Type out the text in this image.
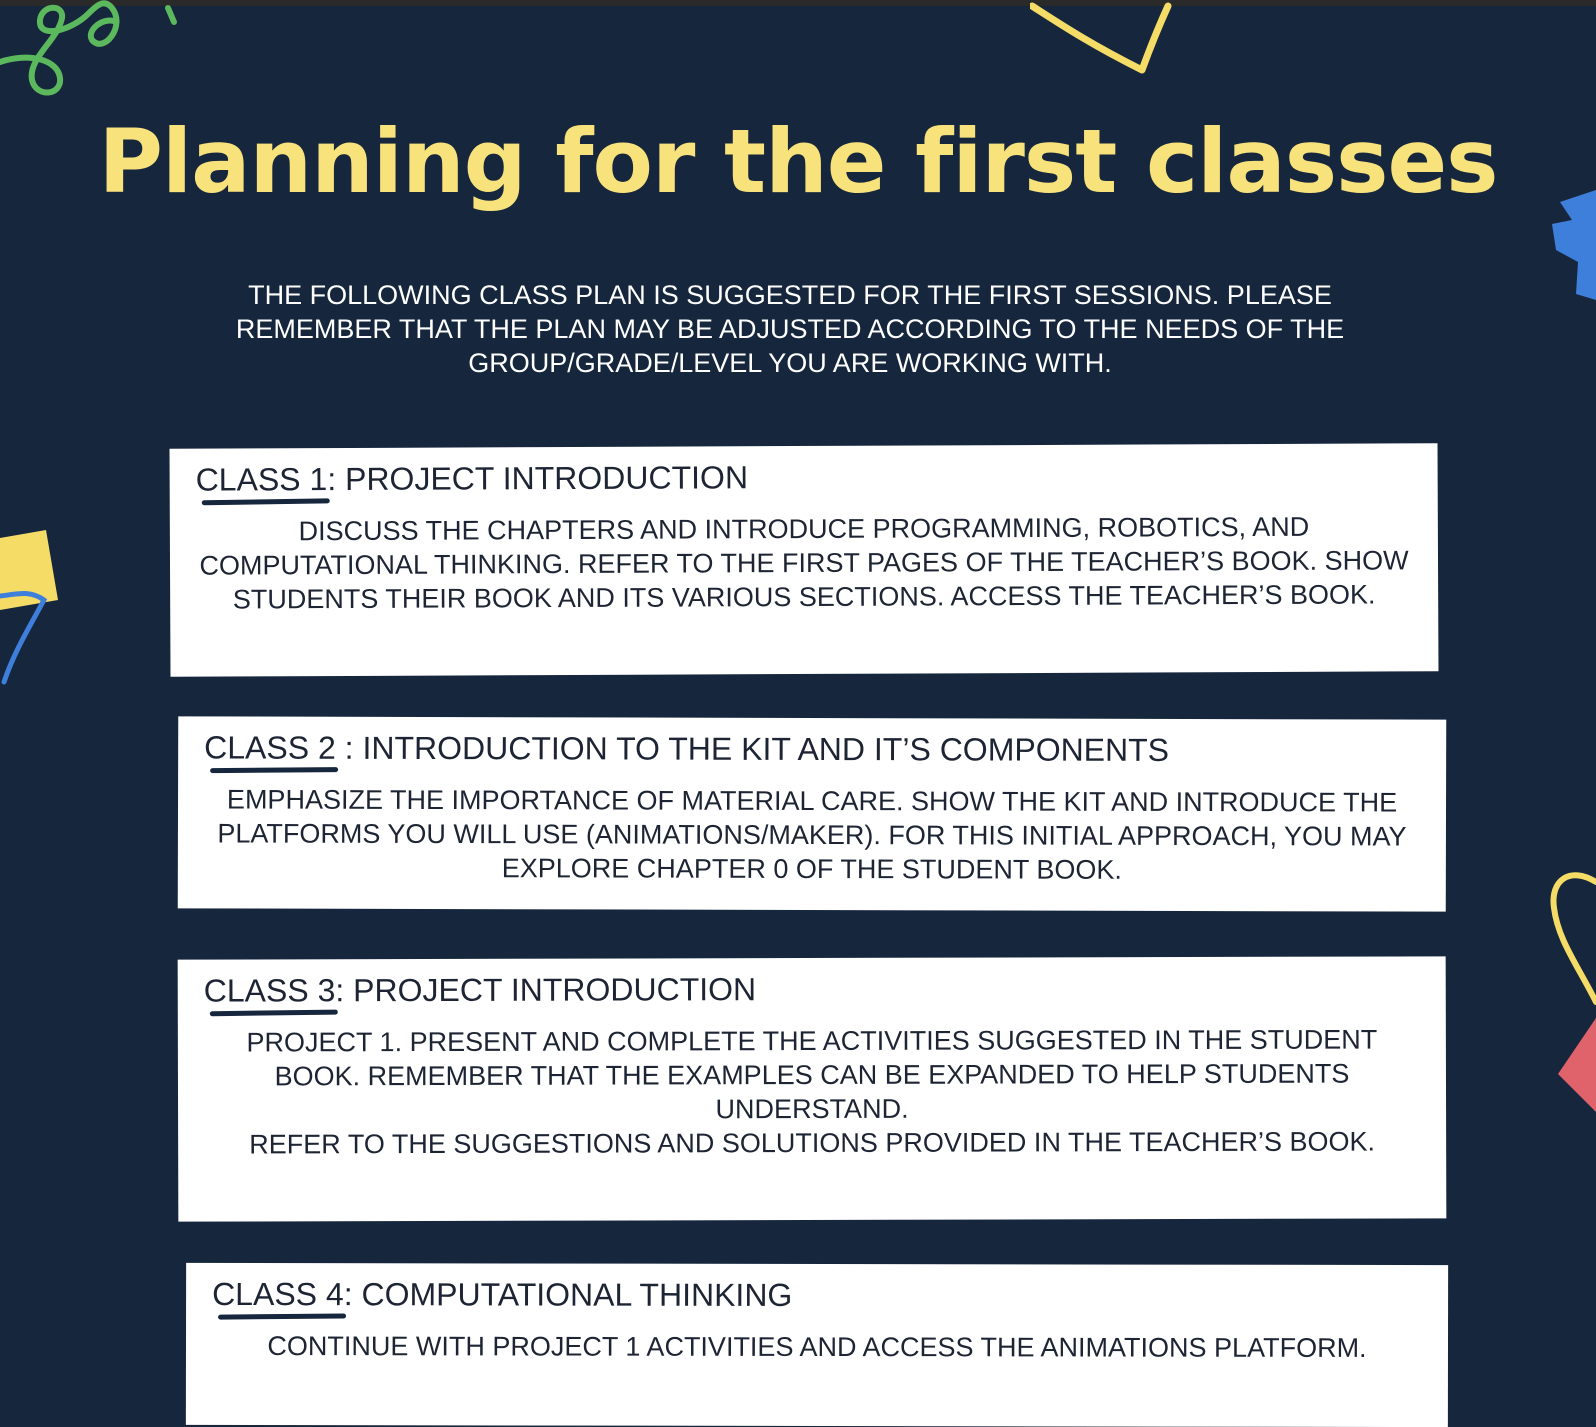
Planning for the first classes

THE FOLLOWING CLASS PLAN IS SUGGESTED FOR THE FIRST SESSIONS. PLEASE REMEMBER THAT THE PLAN MAY BE ADJUSTED ACCORDING TO THE NEEDS OF THE GROUP/GRADE/LEVEL YOU ARE WORKING WITH.

CLASS 1: PROJECT INTRODUCTION

DISCUSS THE CHAPTERS AND INTRODUCE PROGRAMMING, ROBOTICS, AND COMPUTATIONAL THINKING. REFER TO THE FIRST PAGES OF THE TEACHER’S BOOK. SHOW STUDENTS THEIR BOOK AND ITS VARIOUS SECTIONS. ACCESS THE TEACHER’S BOOK.

CLASS 2 : INTRODUCTION TO THE KIT AND IT’S COMPONENTS

EMPHASIZE THE IMPORTANCE OF MATERIAL CARE. SHOW THE KIT AND INTRODUCE THE PLATFORMS YOU WILL USE (ANIMATIONS/MAKER). FOR THIS INITIAL APPROACH, YOU MAY EXPLORE CHAPTER 0 OF THE STUDENT BOOK.

CLASS 3: PROJECT INTRODUCTION

PROJECT 1. PRESENT AND COMPLETE THE ACTIVITIES SUGGESTED IN THE STUDENT BOOK. REMEMBER THAT THE EXAMPLES CAN BE EXPANDED TO HELP STUDENTS UNDERSTAND.
REFER TO THE SUGGESTIONS AND SOLUTIONS PROVIDED IN THE TEACHER’S BOOK.

CLASS 4: COMPUTATIONAL THINKING

CONTINUE WITH PROJECT 1 ACTIVITIES AND ACCESS THE ANIMATIONS PLATFORM.
